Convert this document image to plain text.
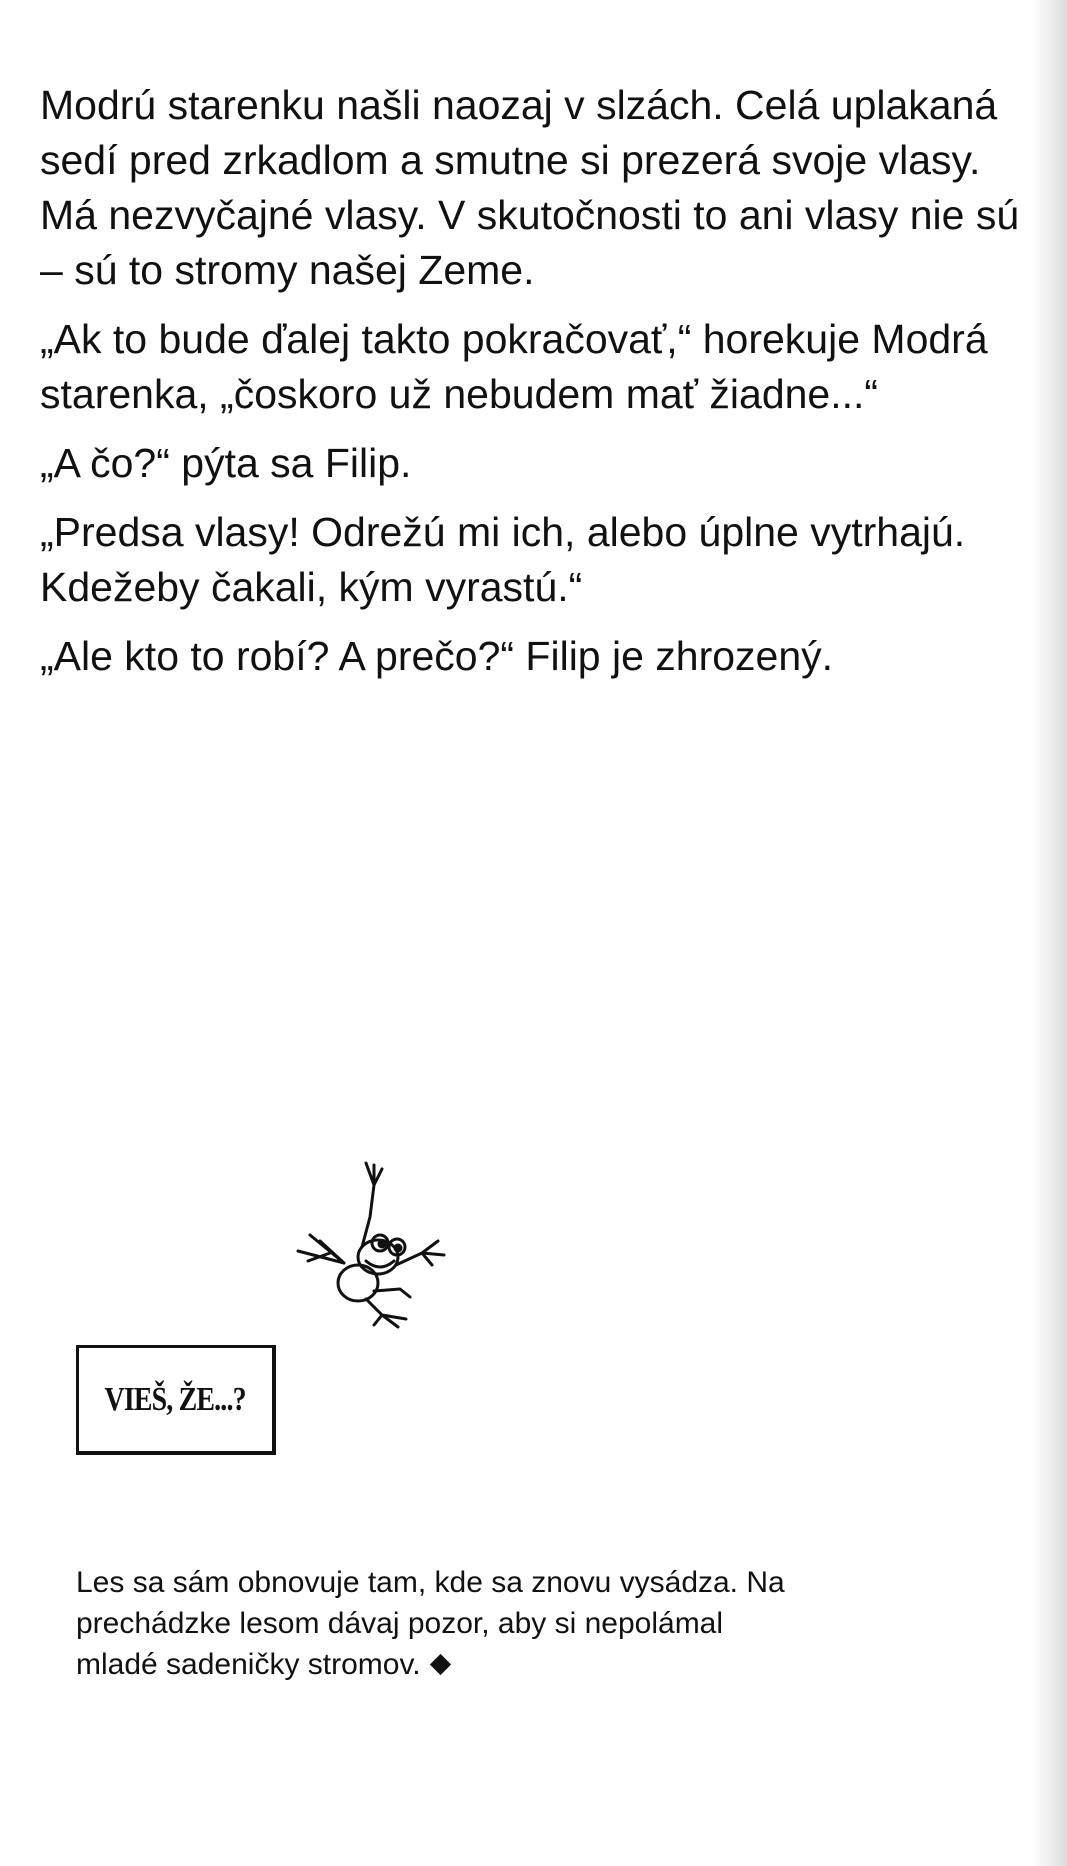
Modrú starenku našli naozaj v slzách. Celá uplakaná sedí pred zrkadlom a smutne si prezerá svoje vlasy. Má nezvyčajné vlasy. V skutočnosti to ani vlasy nie sú – sú to stromy našej Zeme.

„Ak to bude ďalej takto pokračovať,“ horekuje Modrá starenka, „čoskoro už nebudem mať žiadne...“

„A čo?“ pýta sa Filip.

„Predsa vlasy! Odrežú mi ich, alebo úplne vytrhajú. Kdežeby čakali, kým vyrastú.“

„Ale kto to robí? A prečo?“ Filip je zhrozený.

VIEŠ, ŽE...?
Les sa sám obnovuje tam, kde sa znovu vysádza. Na prechádzke lesom dávaj pozor, aby si nepolámal mladé sadeničky stromov.
